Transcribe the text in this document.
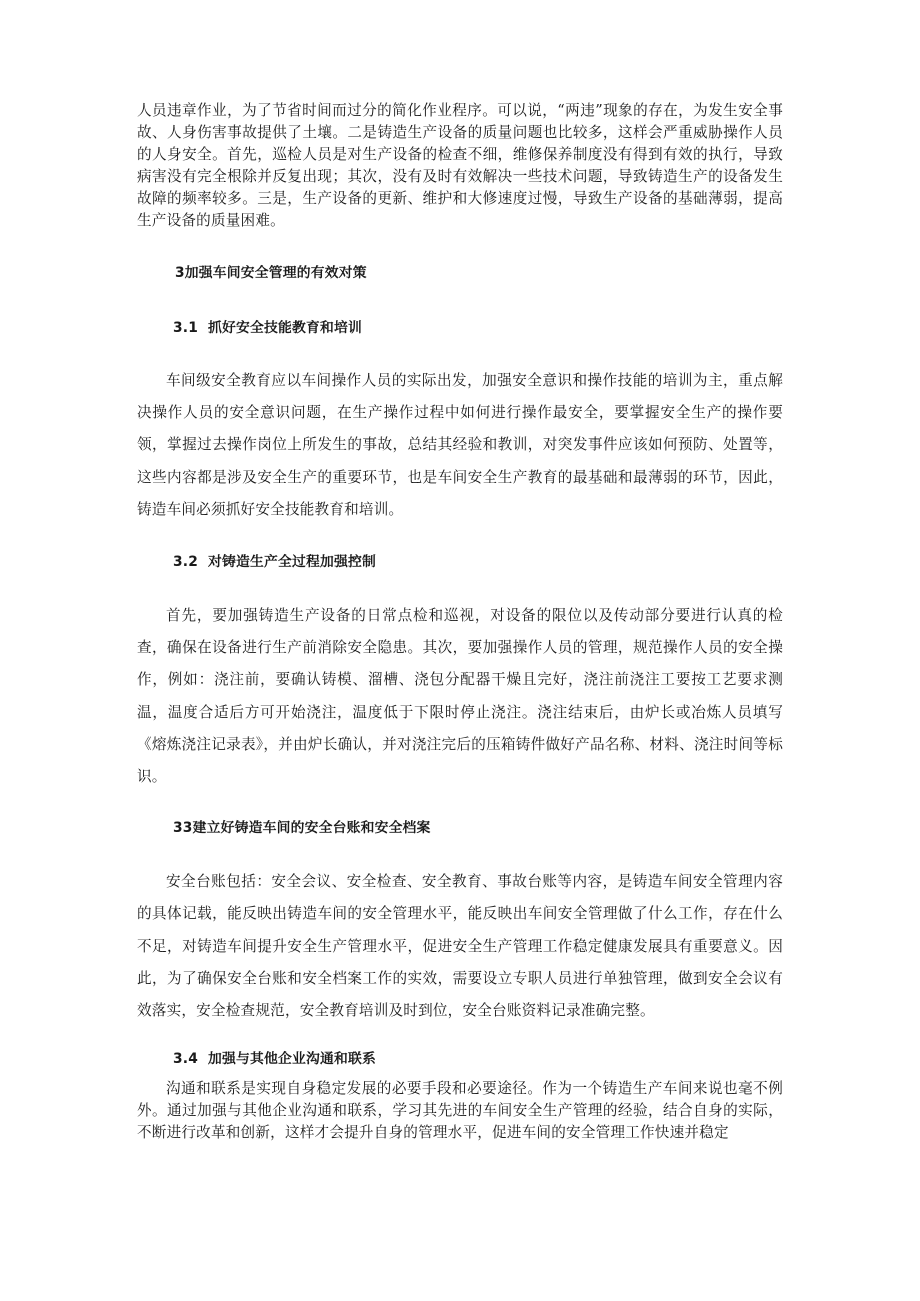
人员违章作业，为了节省时间而过分的简化作业程序。可以说，“两违”现象的存在，为发生安全事故、人身伤害事故提供了土壤。二是铸造生产设备的质量问题也比较多，这样会严重威胁操作人员的人身安全。首先，巡检人员是对生产设备的检查不细，维修保养制度没有得到有效的执行，导致病害没有完全根除并反复出现；其次，没有及时有效解决一些技术问题，导致铸造生产的设备发生故障的频率较多。三是，生产设备的更新、维护和大修速度过慢，导致生产设备的基础薄弱，提高生产设备的质量困难。

3加强车间安全管理的有效对策
3.1 抓好安全技能教育和培训

车间级安全教育应以车间操作人员的实际出发，加强安全意识和操作技能的培训为主，重点解决操作人员的安全意识问题，在生产操作过程中如何进行操作最安全，要掌握安全生产的操作要领，掌握过去操作岗位上所发生的事故，总结其经验和教训，对突发事件应该如何预防、处置等，这些内容都是涉及安全生产的重要环节，也是车间安全生产教育的最基础和最薄弱的环节，因此，铸造车间必须抓好安全技能教育和培训。

3.2 对铸造生产全过程加强控制

首先，要加强铸造生产设备的日常点检和巡视，对设备的限位以及传动部分要进行认真的检查，确保在设备进行生产前消除安全隐患。其次，要加强操作人员的管理，规范操作人员的安全操作，例如：浇注前，要确认铸模、溜槽、浇包分配器干燥且完好，浇注前浇注工要按工艺要求测温，温度合适后方可开始浇注，温度低于下限时停止浇注。浇注结束后，由炉长或冶炼人员填写《熔炼浇注记录表》，并由炉长确认，并对浇注完后的压箱铸件做好产品名称、材料、浇注时间等标识。

33建立好铸造车间的安全台账和安全档案

安全台账包括：安全会议、安全检查、安全教育、事故台账等内容，是铸造车间安全管理内容的具体记载，能反映出铸造车间的安全管理水平，能反映出车间安全管理做了什么工作，存在什么不足，对铸造车间提升安全生产管理水平，促进安全生产管理工作稳定健康发展具有重要意义。因此，为了确保安全台账和安全档案工作的实效，需要设立专职人员进行单独管理，做到安全会议有效落实，安全检查规范，安全教育培训及时到位，安全台账资料记录准确完整。

3.4 加强与其他企业沟通和联系

沟通和联系是实现自身稳定发展的必要手段和必要途径。作为一个铸造生产车间来说也毫不例外。通过加强与其他企业沟通和联系，学习其先进的车间安全生产管理的经验，结合自身的实际，不断进行改革和创新，这样才会提升自身的管理水平，促进车间的安全管理工作快速并稳定
